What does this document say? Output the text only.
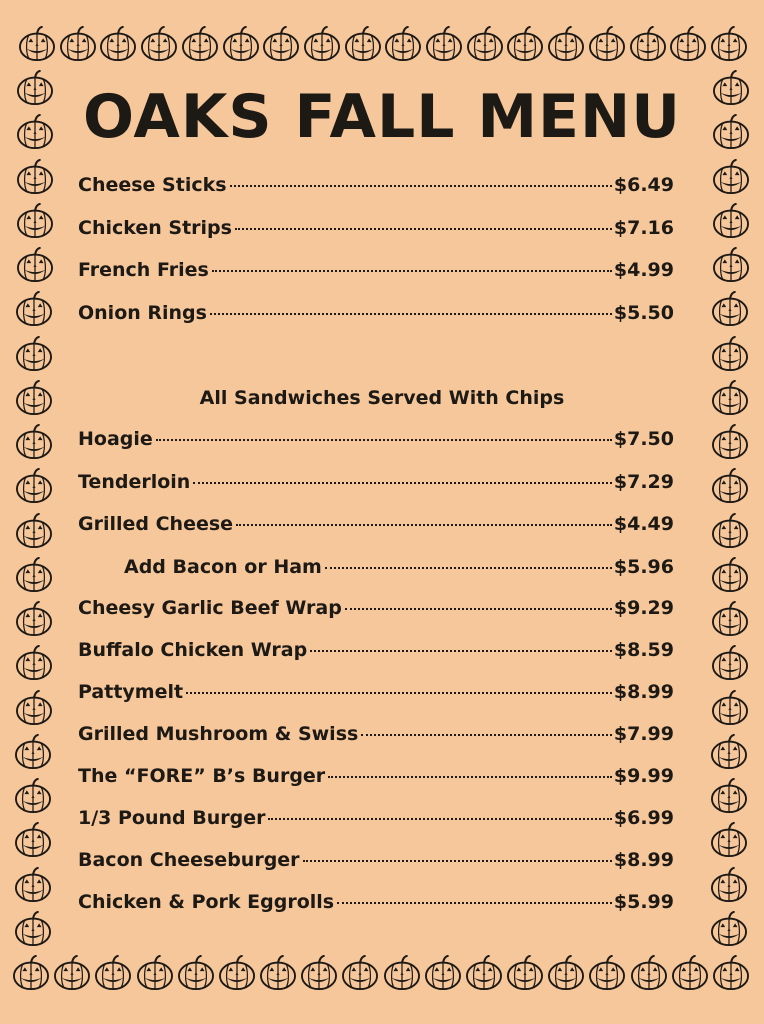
OAKS FALL MENU
Cheese Sticks	$6.49
Chicken Strips	$7.16
French Fries	$4.99
Onion Rings	$5.50

All Sandwiches Served With Chips

Hoagie	$7.50
Tenderloin	$7.29
Grilled Cheese	$4.49
Add Bacon or Ham	$5.96
Cheesy Garlic Beef Wrap	$9.29
Buffalo Chicken Wrap	$8.59
Pattymelt	$8.99
Grilled Mushroom & Swiss	$7.99
The “FORE” B’s Burger	$9.99
1/3 Pound Burger	$6.99
Bacon Cheeseburger	$8.99
Chicken & Pork Eggrolls	$5.99
